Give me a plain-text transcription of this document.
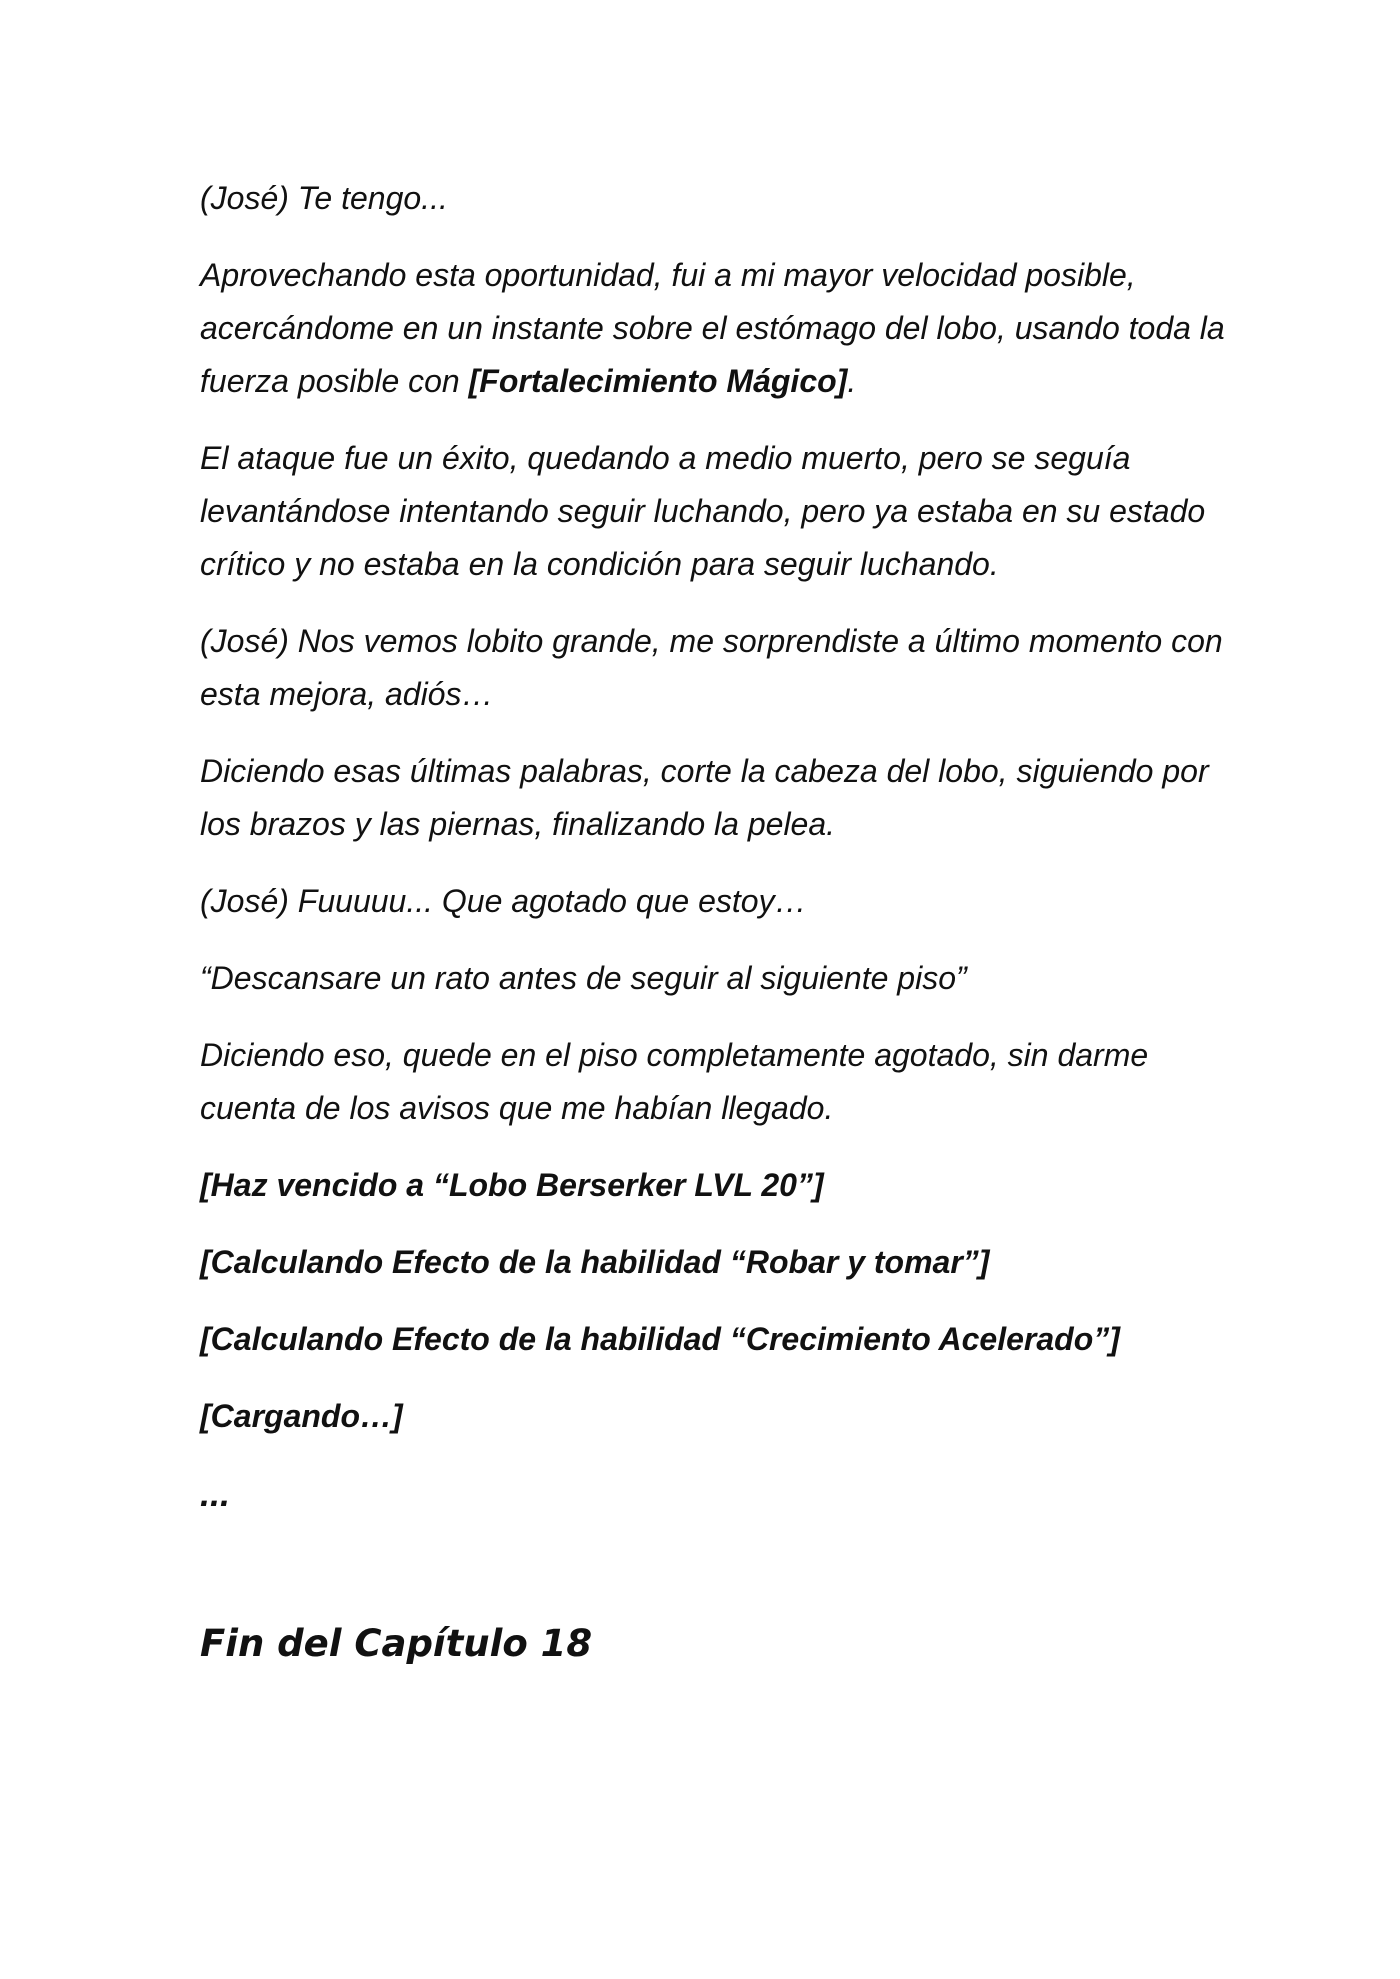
(José) Te tengo...

Aprovechando esta oportunidad, fui a mi mayor velocidad posible, acercándome en un instante sobre el estómago del lobo, usando toda la fuerza posible con [Fortalecimiento Mágico].

El ataque fue un éxito, quedando a medio muerto, pero se seguía levantándose intentando seguir luchando, pero ya estaba en su estado crítico y no estaba en la condición para seguir luchando.

(José) Nos vemos lobito grande, me sorprendiste a último momento con esta mejora, adiós…

Diciendo esas últimas palabras, corte la cabeza del lobo, siguiendo por los brazos y las piernas, finalizando la pelea.

(José) Fuuuuu... Que agotado que estoy…

“Descansare un rato antes de seguir al siguiente piso”

Diciendo eso, quede en el piso completamente agotado, sin darme cuenta de los avisos que me habían llegado.

[Haz vencido a “Lobo Berserker LVL 20”]

[Calculando Efecto de la habilidad “Robar y tomar”]

[Calculando Efecto de la habilidad “Crecimiento Acelerado”]

[Cargando…]

...

Fin del Capítulo 18
